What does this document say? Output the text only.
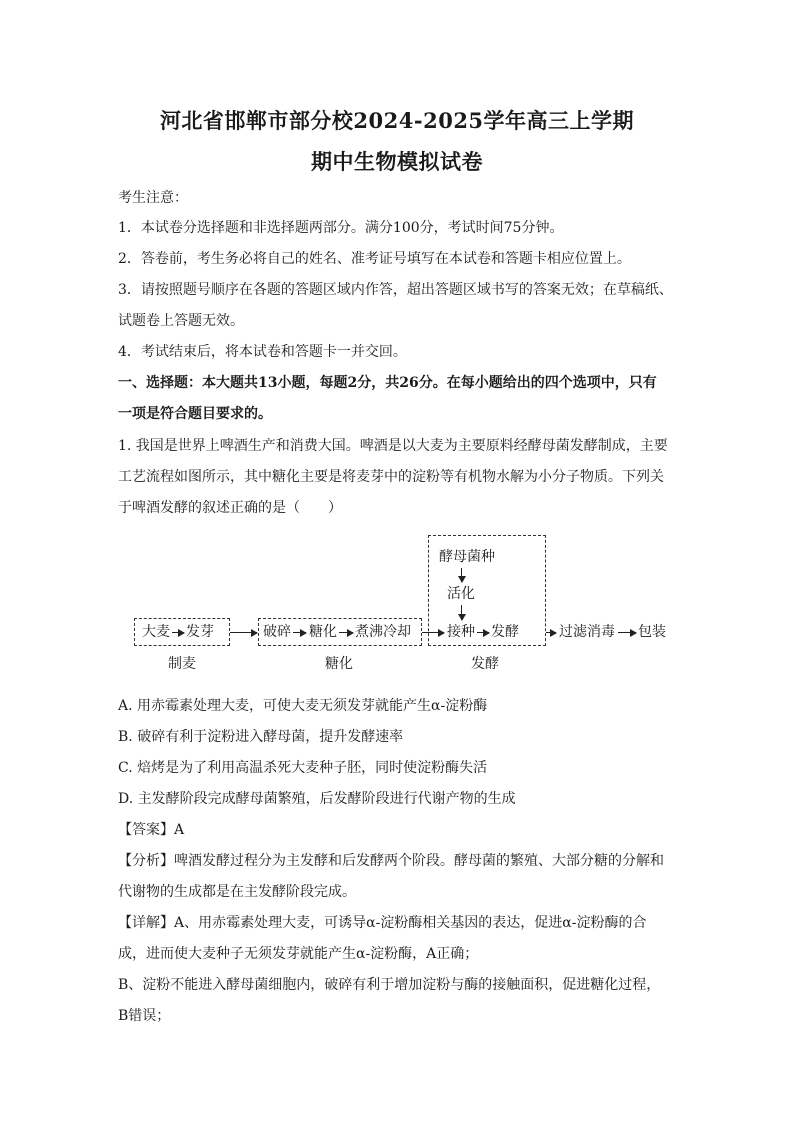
河北省邯郸市部分校2024-2025学年高三上学期
期中生物模拟试卷
考生注意：
1．本试卷分选择题和非选择题两部分。满分100分，考试时间75分钟。
2．答卷前，考生务必将自己的姓名、准考证号填写在本试卷和答题卡相应位置上。
3．请按照题号顺序在各题的答题区域内作答，超出答题区域书写的答案无效；在草稿纸、
试题卷上答题无效。
4．考试结束后，将本试卷和答题卡一并交回。
一、选择题：本大题共13小题，每题2分，共26分。在每小题给出的四个选项中，只有
一项是符合题目要求的。
1. 我国是世界上啤酒生产和消费大国。啤酒是以大麦为主要原料经酵母菌发酵制成，主要
工艺流程如图所示，其中糖化主要是将麦芽中的淀粉等有机物水解为小分子物质。下列关
于啤酒发酵的叙述正确的是（　　）
大麦 发芽	破碎 糖化 煮沸冷却
酵母菌种
活化
接种 发酵	过滤消毒 包装
制麦	糖化	发酵
A. 用赤霉素处理大麦，可使大麦无须发芽就能产生α-淀粉酶
B. 破碎有利于淀粉进入酵母菌，提升发酵速率
C. 焙烤是为了利用高温杀死大麦种子胚，同时使淀粉酶失活
D. 主发酵阶段完成酵母菌繁殖，后发酵阶段进行代谢产物的生成
【答案】A
【分析】啤酒发酵过程分为主发酵和后发酵两个阶段。酵母菌的繁殖、大部分糖的分解和
代谢物的生成都是在主发酵阶段完成。
【详解】A、用赤霉素处理大麦，可诱导α-淀粉酶相关基因的表达，促进α-淀粉酶的合
成，进而使大麦种子无须发芽就能产生α-淀粉酶，A正确；
B、淀粉不能进入酵母菌细胞内，破碎有利于增加淀粉与酶的接触面积，促进糖化过程，
B错误；
